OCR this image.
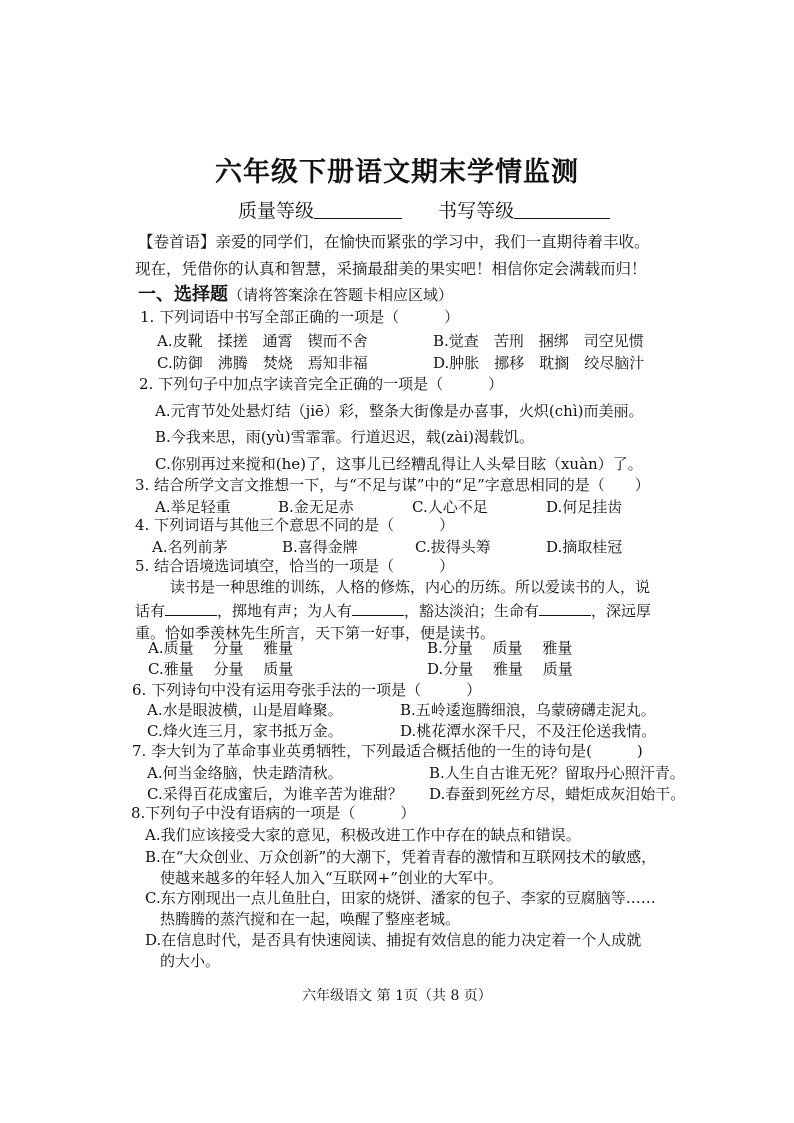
六年级下册语文期末学情监测
质量等级	书写等级
【卷首语】亲爱的同学们，在愉快而紧张的学习中，我们一直期待着丰收。
现在，凭借你的认真和智慧，采摘最甜美的果实吧！相信你定会满载而归！
一、选择题（请将答案涂在答题卡相应区域）
1. 下列词语中书写全部正确的一项是（　　　）
A.皮靴　揉搓　通霄　锲而不舍	B.觉查　苦刑　捆绑　司空见惯
C.防御　沸腾　焚烧　焉知非福	D.肿胀　挪移　耽搁　绞尽脑汁
2. 下列句子中加点字读音完全正确的一项是（　　　）
A.元宵节处处悬灯结（jiē）彩，整条大街像是办喜事，火炽(chì)而美丽。
B.今我来思，雨(yù)雪霏霏。行道迟迟，载(zài)渴载饥。
C.你别再过来搅和(he)了，这事儿已经糟乱得让人头晕目眩（xuàn）了。
3. 结合所学文言文推想一下，与“不足与谋”中的“足”字意思相同的是（　　）
A.举足轻重	B.金无足赤	C.人心不足	D.何足挂齿
4. 下列词语与其他三个意思不同的是（　　　）
A.名列前茅	B.喜得金牌	C.拔得头筹	D.摘取桂冠
5. 结合语境选词填空，恰当的一项是（　　　）
读书是一种思维的训练，人格的修炼，内心的历练。所以爱读书的人，说
话有	，掷地有声；为人有	，豁达淡泊；生命有	，深远厚
重。恰如季羡林先生所言，天下第一好事，便是读书。
A.质量　 分量　 雅量	B.分量　 质量　 雅量
C.雅量　 分量　 质量	D.分量　 雅量　 质量
6. 下列诗句中没有运用夸张手法的一项是（　　　）
A.水是眼波横，山是眉峰聚。	B.五岭逶迤腾细浪，乌蒙磅礴走泥丸。
C.烽火连三月，家书抵万金。	D.桃花潭水深千尺，不及汪伦送我情。
7. 李大钊为了革命事业英勇牺牲，下列最适合概括他的一生的诗句是(　　　)
A.何当金络脑，快走踏清秋。	B.人生自古谁无死？留取丹心照汗青。
C.采得百花成蜜后，为谁辛苦为谁甜？ D.春蚕到死丝方尽，蜡炬成灰泪始干。
8.下列句子中没有语病的一项是（　　　）
A.我们应该接受大家的意见，积极改进工作中存在的缺点和错误。
B.在“大众创业、万众创新”的大潮下，凭着青春的激情和互联网技术的敏感，
使越来越多的年轻人加入“互联网+”创业的大军中。
C.东方刚现出一点儿鱼肚白，田家的烧饼、潘家的包子、李家的豆腐脑等……
热腾腾的蒸汽搅和在一起，唤醒了整座老城。
D.在信息时代，是否具有快速阅读、捕捉有效信息的能力决定着一个人成就
的大小。
六年级语文 第 1页（共 8 页）
